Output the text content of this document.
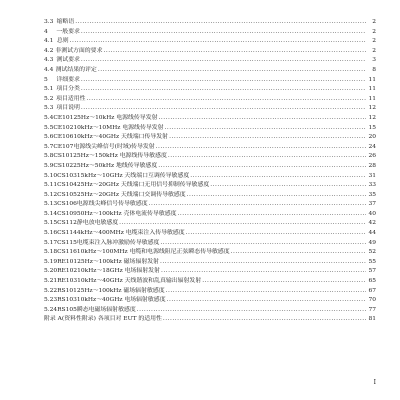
3.3 缩略语 .....	2
4	一般要求 .....	2
4.1 总则 .....	2
4.2 非测试方面的要求 .....	2
4.3 测试要求 .....	3
4.4 测试结果的评定 .....	8
5	详细要求 .....	11
5.1 项目分类 .....	11
5.2 项目适用性 .....	11
5.3 项目说明 .....	12
5.4 CE101 25Hz～10kHz 电源线传导发射 .....	12
5.5 CE102 10kHz～10MHz 电源线传导发射 .....	15
5.6 CE106 10kHz～40GHz 天线端口传导发射 .....	20
5.7 CE107 电源线尖峰信号(时域)传导发射 .....	24
5.8 CS101 25Hz～150kHz 电源线传导敏感度 .....	26
5.9 CS102 25Hz～50kHz 地线传导敏感度 .....	28
5.10 CS103 15kHz～10GHz 天线端口互调传导敏感度 .....	31
5.11 CS104 25Hz～20GHz 天线端口无用信号抑制传导敏感度 .....	33
5.12 CS105 25Hz～20GHz 天线端口交调传导敏感度 .....	35
5.13 CS106 电源线尖峰信号传导敏感度 .....	37
5.14 CS109 50Hz～100kHz 壳体电流传导敏感度 .....	40
5.15 CS112 静电放电敏感度 .....	42
5.16 CS114 4kHz～400MHz 电缆束注入传导敏感度 .....	44
5.17 CS115 电缆束注入脉冲激励传导敏感度 .....	49
5.18 CS116 10kHz～100MHz 电缆和电源线阻尼正弦瞬态传导敏感度 .....	52
5.19 RE101 25Hz～100kHz 磁场辐射发射 .....	55
5.20 RE102 10kHz～18GHz 电场辐射发射 .....	57
5.21 RE103 10kHz～40GHz 天线谐波和乱真输出辐射发射 .....	65
5.22 RS101 25Hz～100kHz 磁场辐射敏感度 .....	67
5.23 RS103 10kHz～40GHz 电场辐射敏感度 .....	70
5.24 RS105 瞬态电磁场辐射敏感度 .....	77
附录 A (资料性附录) 各项目对 EUT 的适用性 .....	81
I
